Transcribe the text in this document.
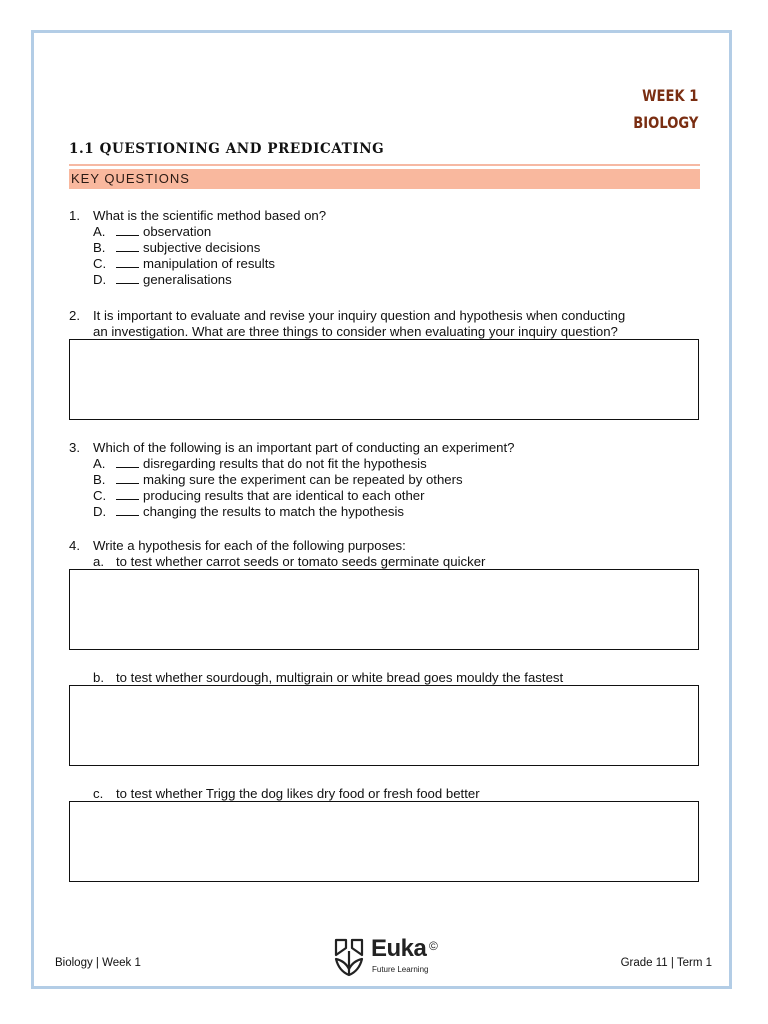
WEEK 1
BIOLOGY
1.1 QUESTIONING AND PREDICATING
KEY QUESTIONS
1. What is the scientific method based on?
A.	observation
B.	subjective decisions
C.	manipulation of results
D.	generalisations
2. It is important to evaluate and revise your inquiry question and hypothesis when conducting
an investigation. What are three things to consider when evaluating your inquiry question?
3. Which of the following is an important part of conducting an experiment?
A.	disregarding results that do not fit the hypothesis
B.	making sure the experiment can be repeated by others
C.	producing results that are identical to each other
D.	changing the results to match the hypothesis
4. Write a hypothesis for each of the following purposes:
a. to test whether carrot seeds or tomato seeds germinate quicker
b. to test whether sourdough, multigrain or white bread goes mouldy the fastest
c. to test whether Trigg the dog likes dry food or fresh food better
Biology | Week 1
Euka ©
Future Learning
Grade 11 | Term 1
